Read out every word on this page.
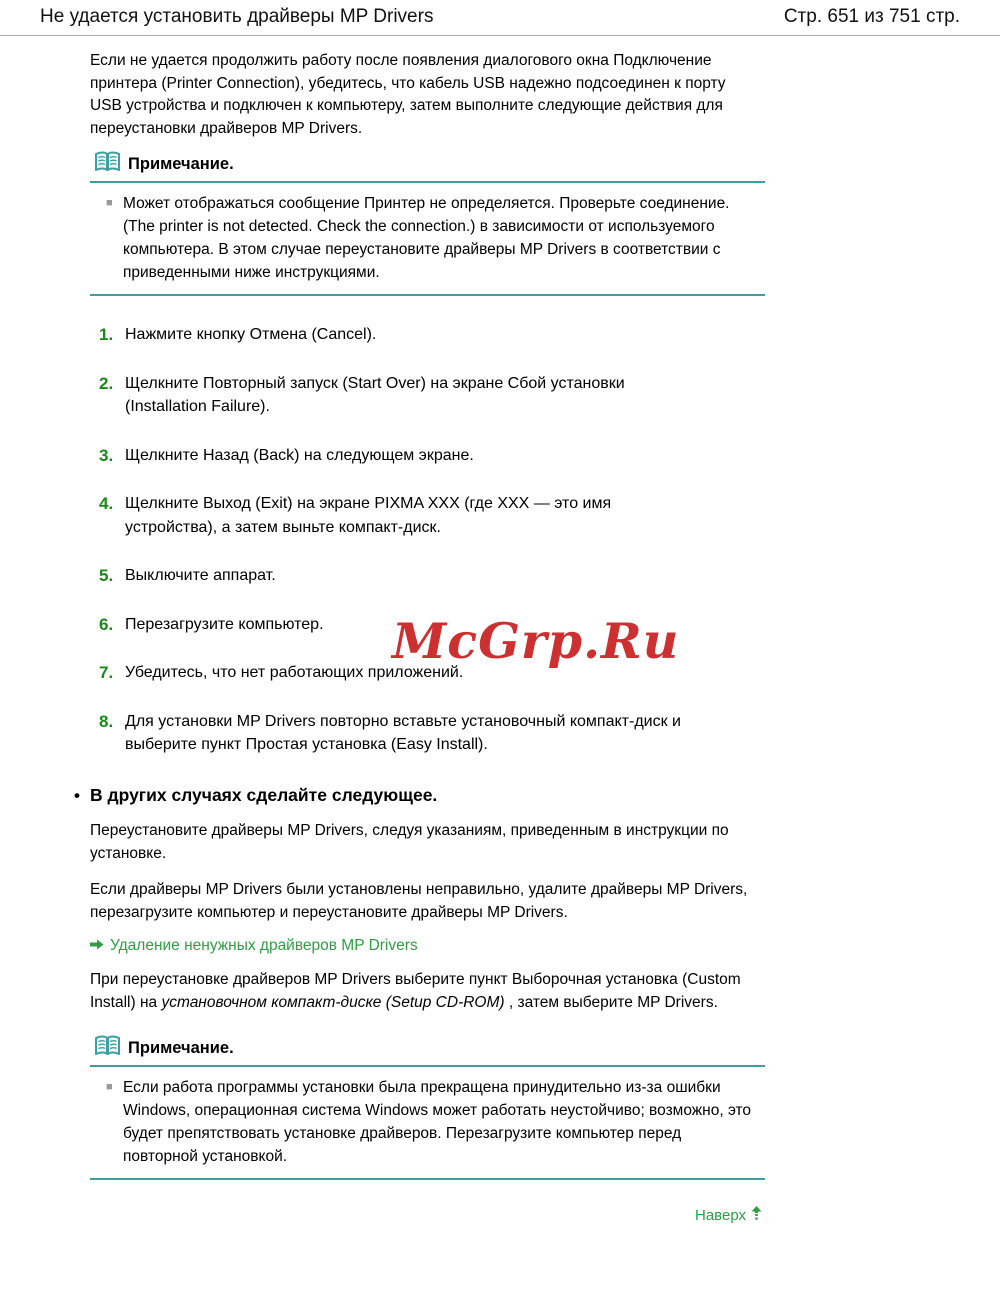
Не удается установить драйверы MP Drivers	Стр. 651 из 751 стр.
Если не удается продолжить работу после появления диалогового окна Подключение принтера (Printer Connection), убедитесь, что кабель USB надежно подсоединен к порту USB устройства и подключен к компьютеру, затем выполните следующие действия для переустановки драйверов MP Drivers.
Примечание.
■ Может отображаться сообщение Принтер не определяется. Проверьте соединение. (The printer is not detected. Check the connection.) в зависимости от используемого компьютера. В этом случае переустановите драйверы MP Drivers в соответствии с приведенными ниже инструкциями.
1. Нажмите кнопку Отмена (Cancel).
2. Щелкните Повторный запуск (Start Over) на экране Сбой установки (Installation Failure).
3. Щелкните Назад (Back) на следующем экране.
4. Щелкните Выход (Exit) на экране PIXMA XXX (где XXX — это имя устройства), а затем выньте компакт-диск.
5. Выключите аппарат.
6. Перезагрузите компьютер.
7. Убедитесь, что нет работающих приложений.
8. Для установки MP Drivers повторно вставьте установочный компакт-диск и выберите пункт Простая установка (Easy Install).
• В других случаях сделайте следующее.

Переустановите драйверы MP Drivers, следуя указаниям, приведенным в инструкции по установке.

Если драйверы MP Drivers были установлены неправильно, удалите драйверы MP Drivers, перезагрузите компьютер и переустановите драйверы MP Drivers.

Удаление ненужных драйверов MP Drivers

При переустановке драйверов MP Drivers выберите пункт Выборочная установка (Custom Install) на установочном компакт-диске (Setup CD-ROM) , затем выберите MP Drivers.

Примечание.
■ Если работа программы установки была прекращена принудительно из-за ошибки Windows, операционная система Windows может работать неустойчиво; возможно, это будет препятствовать установке драйверов. Перезагрузите компьютер перед повторной установкой.
Наверх
McGrp.Ru
